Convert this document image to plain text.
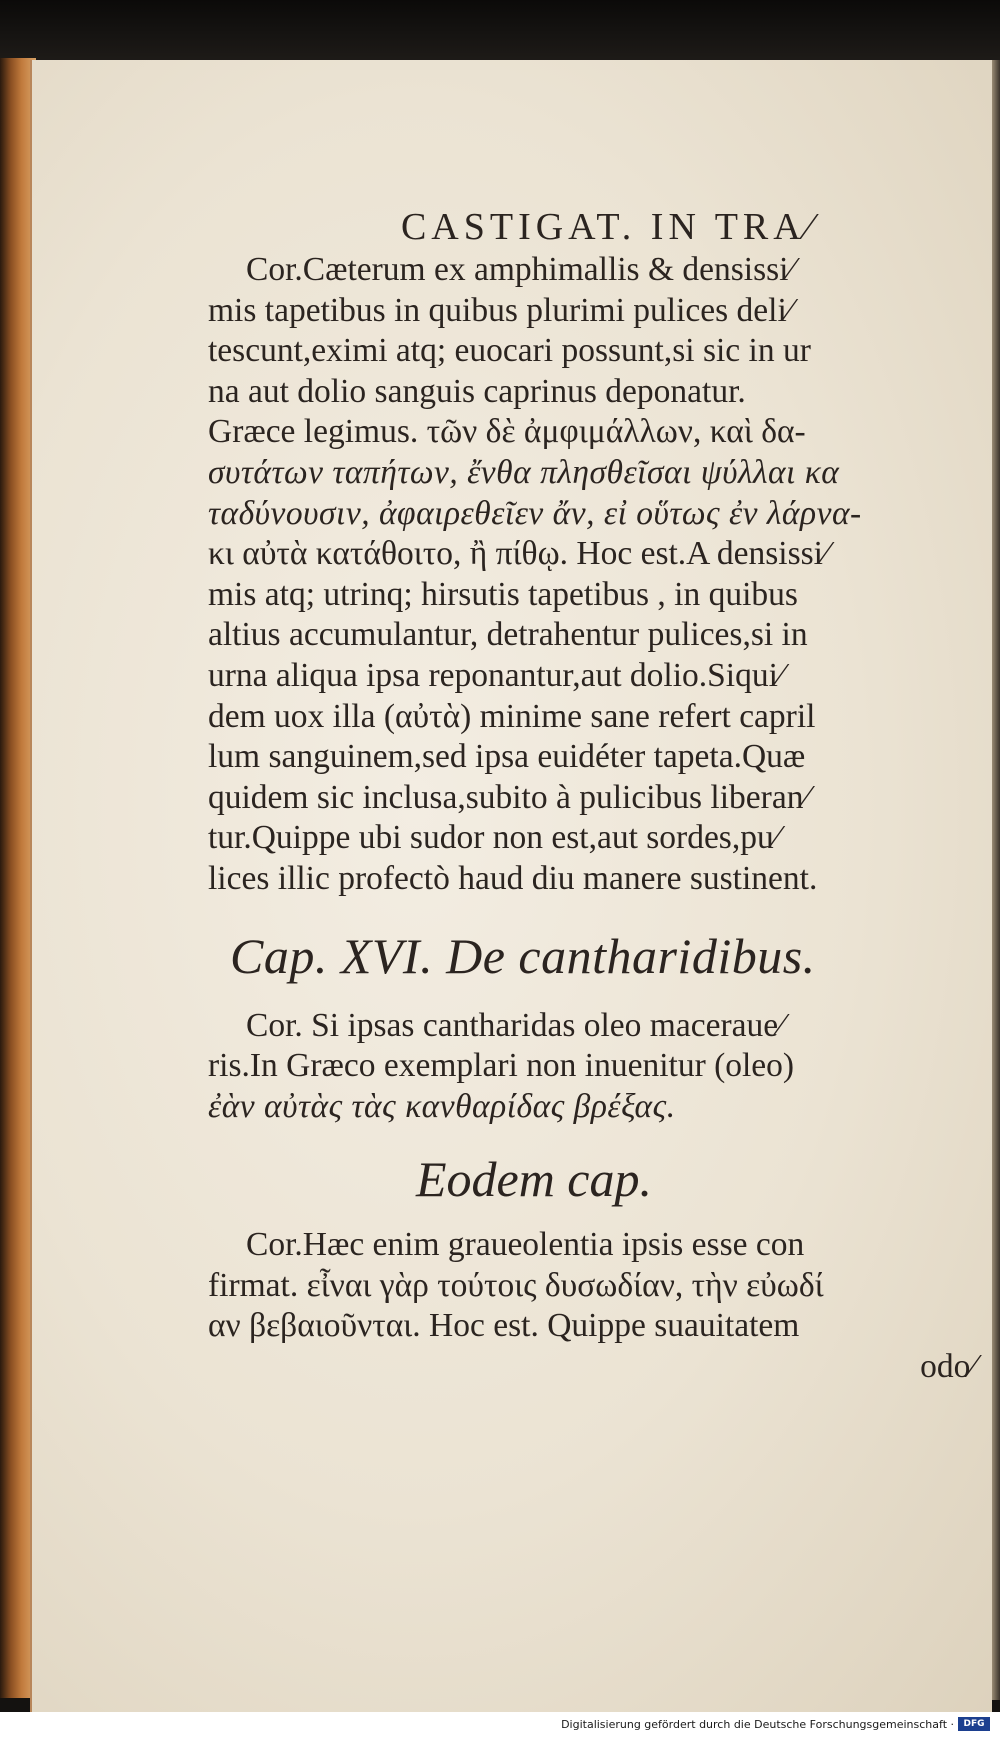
CASTIGAT. IN TRA⁄
Cor.Cæterum ex amphimallis & densissi⁄
mis tapetibus in quibus plurimi pulices deli⁄
tescunt,eximi atq; euocari possunt,si sic in ur
na aut dolio sanguis caprinus deponatur.
Græce legimus. τῶν δὲ ἀμφιμάλλων, καὶ δα-
συτάτων ταπήτων, ἔνθα πλησθεῖσαι ψύλλαι κα
ταδύνουσιν, ἀφαιρεθεῖεν ἄν, εἰ οὕτως ἐν λάρνα-
κι αὐτὰ κατάθοιτο, ἢ πίθῳ. Hoc est.A densissi⁄
mis atq; utrinq; hirsutis tapetibus , in quibus
altius accumulantur, detrahentur pulices,si in
urna aliqua ipsa reponantur,aut dolio.Siqui⁄
dem uox illa (αὐτὰ) minime sane refert capril
lum sanguinem,sed ipsa euidéter tapeta.Quæ
quidem sic inclusa,subito à pulicibus liberan⁄
tur.Quippe ubi sudor non est,aut sordes,pu⁄
lices illic profectò haud diu manere sustinent.
Cap. XVI. De cantharidibus.
Cor. Si ipsas cantharidas oleo maceraue⁄
ris.In Græco exemplari non inuenitur (oleo)
ἐὰν αὐτὰς τὰς κανθαρίδας βρέξας.
Eodem cap.
Cor.Hæc enim graueolentia ipsis esse con
firmat. εἶναι γὰρ τούτοις δυσωδίαν, τὴν εὐωδί
αν βεβαιοῦνται. Hoc est. Quippe suauitatem
odo⁄
Digitalisierung gefördert durch die Deutsche Forschungsgemeinschaft ·	DFG
